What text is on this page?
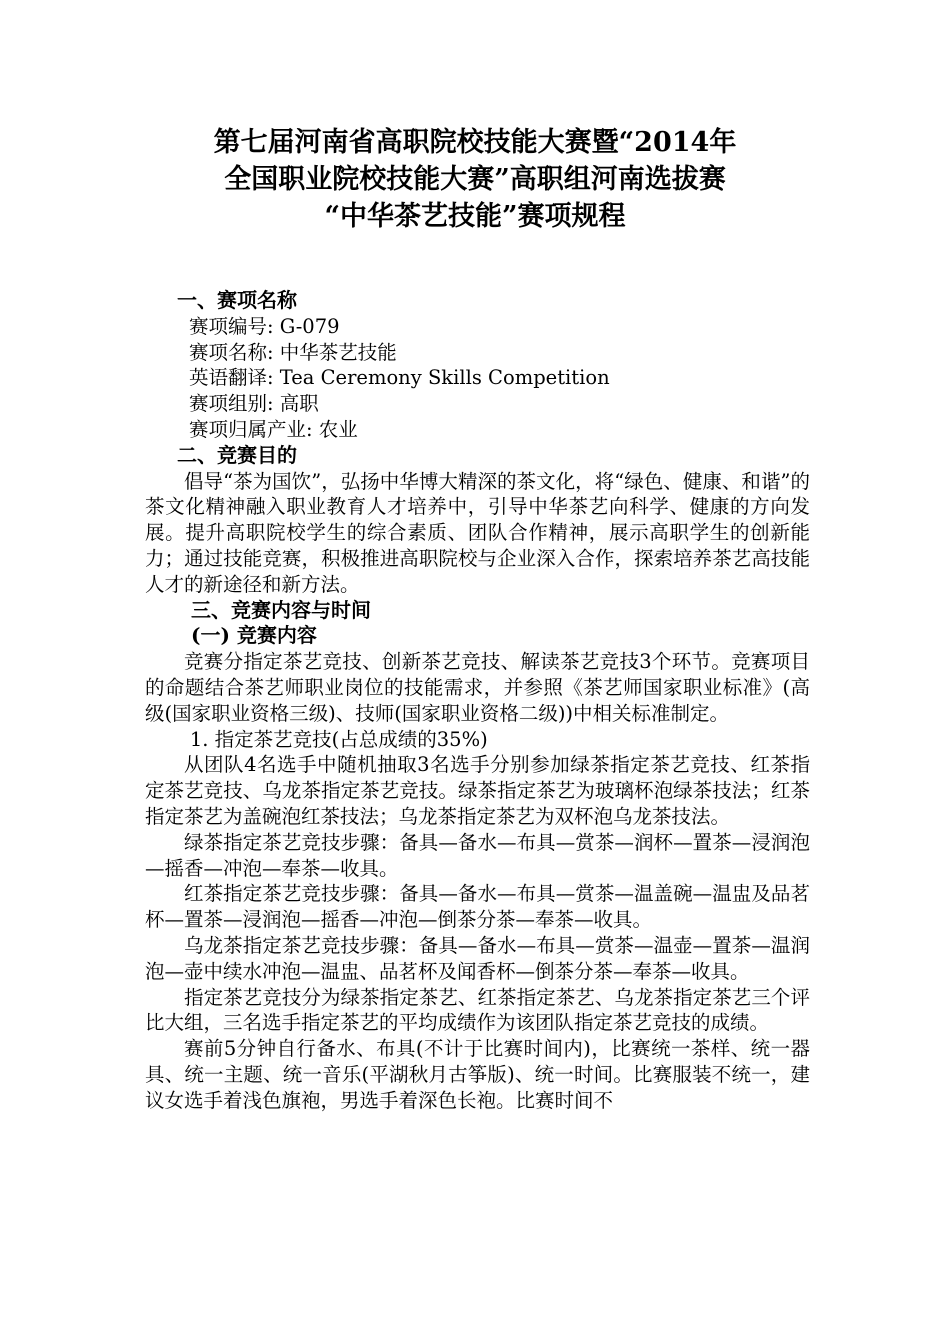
第七届河南省高职院校技能大赛暨“2014年
全国职业院校技能大赛”高职组河南选拔赛
“中华茶艺技能”赛项规程
一、赛项名称
赛项编号: G-079
赛项名称: 中华茶艺技能
英语翻译: Tea Ceremony Skills Competition
赛项组别: 高职
赛项归属产业: 农业
二、竞赛目的
倡导“茶为国饮”，弘扬中华博大精深的茶文化，将“绿色、健康、和谐”的茶文化精神融入职业教育人才培养中，引导中华茶艺向科学、健康的方向发展。提升高职院校学生的综合素质、团队合作精神，展示高职学生的创新能力；通过技能竞赛，积极推进高职院校与企业深入合作，探索培养茶艺高技能人才的新途径和新方法。
三、竞赛内容与时间
(一) 竞赛内容
竞赛分指定茶艺竞技、创新茶艺竞技、解读茶艺竞技3个环节。竞赛项目的命题结合茶艺师职业岗位的技能需求，并参照《茶艺师国家职业标准》(高级(国家职业资格三级)、技师(国家职业资格二级))中相关标准制定。
1. 指定茶艺竞技(占总成绩的35%)
从团队4名选手中随机抽取3名选手分别参加绿茶指定茶艺竞技、红茶指定茶艺竞技、乌龙茶指定茶艺竞技。绿茶指定茶艺为玻璃杯泡绿茶技法；红茶指定茶艺为盖碗泡红茶技法；乌龙茶指定茶艺为双杯泡乌龙茶技法。
绿茶指定茶艺竞技步骤：备具—备水—布具—赏茶—润杯—置茶—浸润泡—摇香—冲泡—奉茶—收具。
红茶指定茶艺竞技步骤：备具—备水—布具—赏茶—温盖碗—温盅及品茗杯—置茶—浸润泡—摇香—冲泡—倒茶分茶—奉茶—收具。
乌龙茶指定茶艺竞技步骤：备具—备水—布具—赏茶—温壶—置茶—温润泡—壶中续水冲泡—温盅、品茗杯及闻香杯—倒茶分茶—奉茶—收具。
指定茶艺竞技分为绿茶指定茶艺、红茶指定茶艺、乌龙茶指定茶艺三个评比大组，三名选手指定茶艺的平均成绩作为该团队指定茶艺竞技的成绩。
赛前5分钟自行备水、布具(不计于比赛时间内)，比赛统一茶样、统一器具、统一主题、统一音乐(平湖秋月古筝版)、统一时间。比赛服装不统一，建议女选手着浅色旗袍，男选手着深色长袍。比赛时间不
